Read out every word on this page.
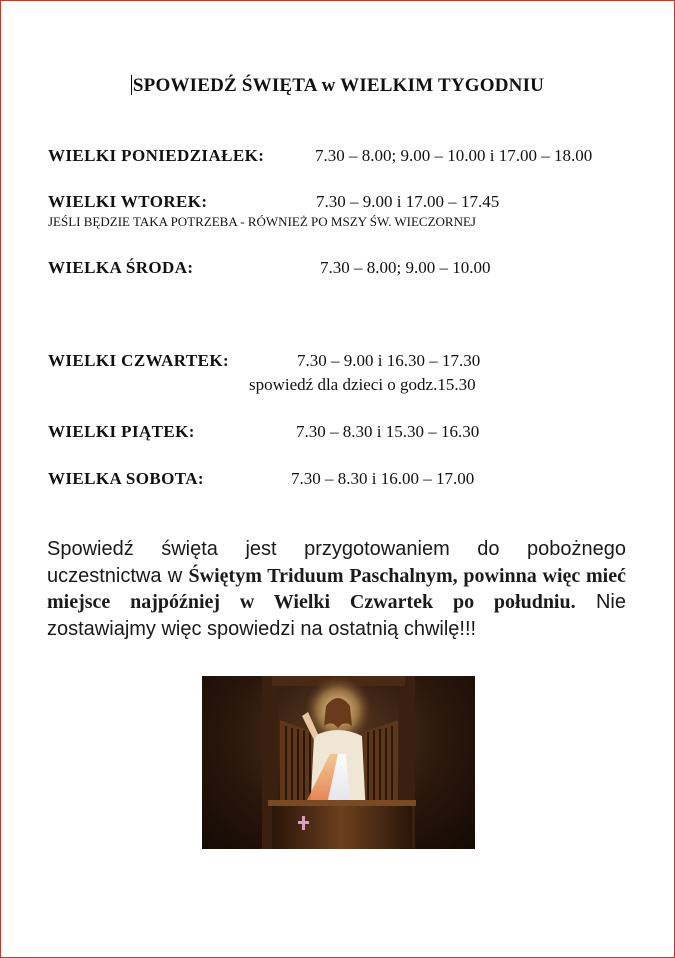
SPOWIEDŹ ŚWIĘTA w WIELKIM TYGODNIU
WIELKI PONIEDZIAŁEK:	7.30 – 8.00; 9.00 – 10.00 i 17.00 – 18.00
WIELKI WTOREK:	7.30 – 9.00 i 17.00 – 17.45
JEŚLI BĘDZIE TAKA POTRZEBA - RÓWNIEŻ PO MSZY ŚW. WIECZORNEJ
WIELKA ŚRODA:	7.30 – 8.00; 9.00 – 10.00
WIELKI CZWARTEK:	7.30 – 9.00 i 16.30 – 17.30
spowiedź dla dzieci o godz.15.30
WIELKI PIĄTEK:	7.30 – 8.30 i 15.30 – 16.30
WIELKA SOBOTA:	7.30 – 8.30 i 16.00 – 17.00
Spowiedź święta jest przygotowaniem do pobożnego uczestnictwa w Świętym Triduum Paschalnym, powinna więc mieć miejsce najpóźniej w Wielki Czwartek po południu. Nie zostawiajmy więc spowiedzi na ostatnią chwilę!!!
